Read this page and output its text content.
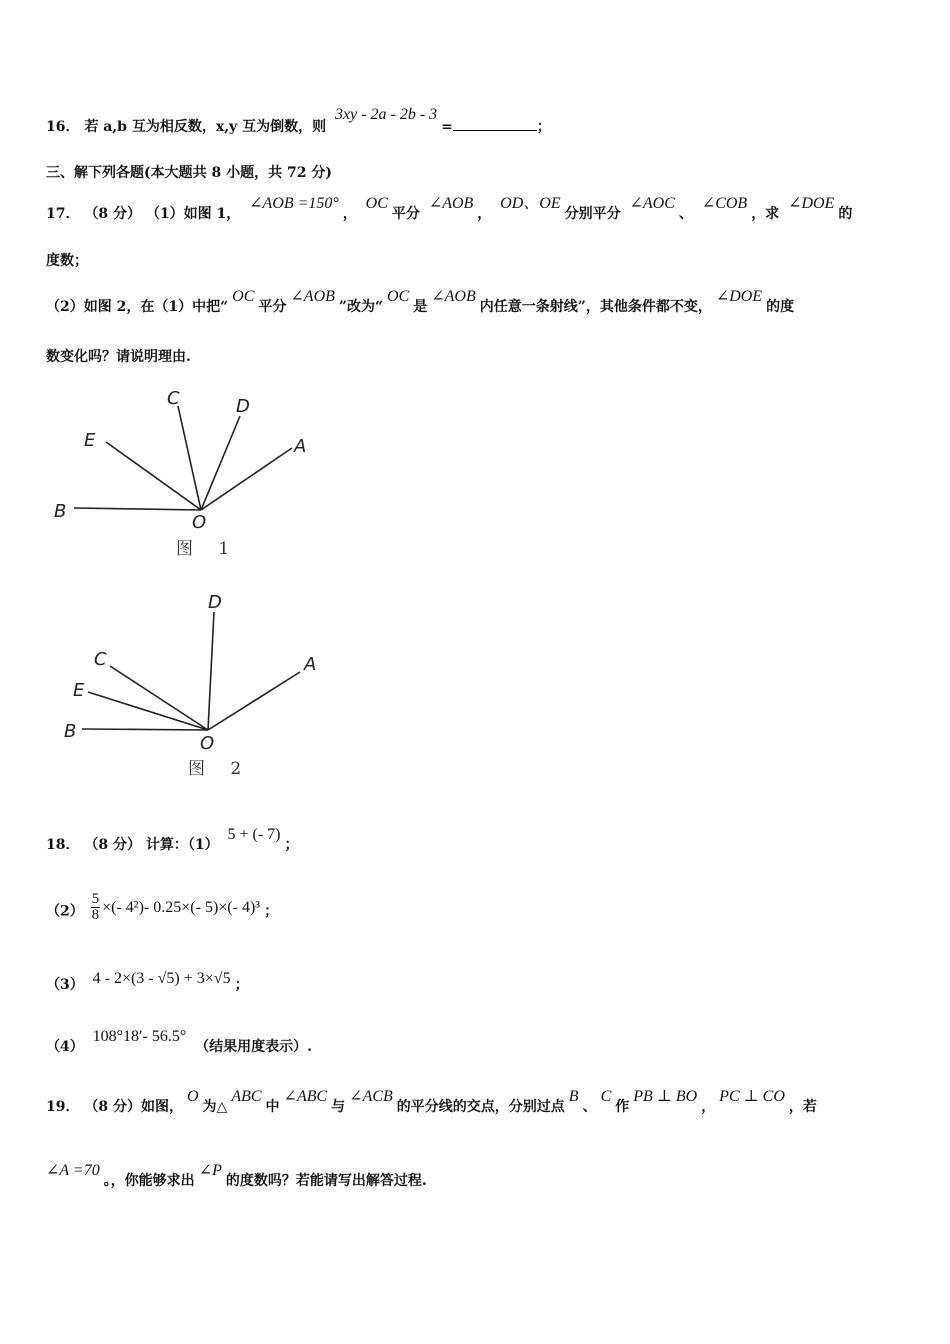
16． 若 a,b 互为相反数，x,y 互为倒数，则 3xy - 2a - 2b - 3=	；
三、解下列各题(本大题共 8 小题，共 72 分)
17． （8 分） （1）如图 1， ∠AOB =150°， OC平分 ∠AOB， OD、OE分别平分 ∠AOC、 ∠COB，求 ∠DOE的
度数；
（2）如图 2，在（1）中把“OC平分∠AOB”改为“OC是∠AOB内任意一条射线”，其他条件都不变，∠DOE的度
数变化吗？请说明理由.
C	D
E	A
B
O
图 1
D
C
E
A
B
O
图 2
18． （8 分） 计算：（1） 5 + (- 7)；
$(2) \frac{5}{8}$ ×(- 4²)- 0.25×(- 5)×(- 4)³ ；
（3） 4 - 2×(3 - √5) + 3×√5 ；
（4） 108°18′- 56.5° （结果用度表示）.
19． （8 分）如图，O为△ABC中∠ABC与∠ACB的平分线的交点，分别过点B、C作PB ⊥ BO，PC ⊥ CO，若
∠A =70。，你能够求出∠P的度数吗？若能请写出解答过程.
